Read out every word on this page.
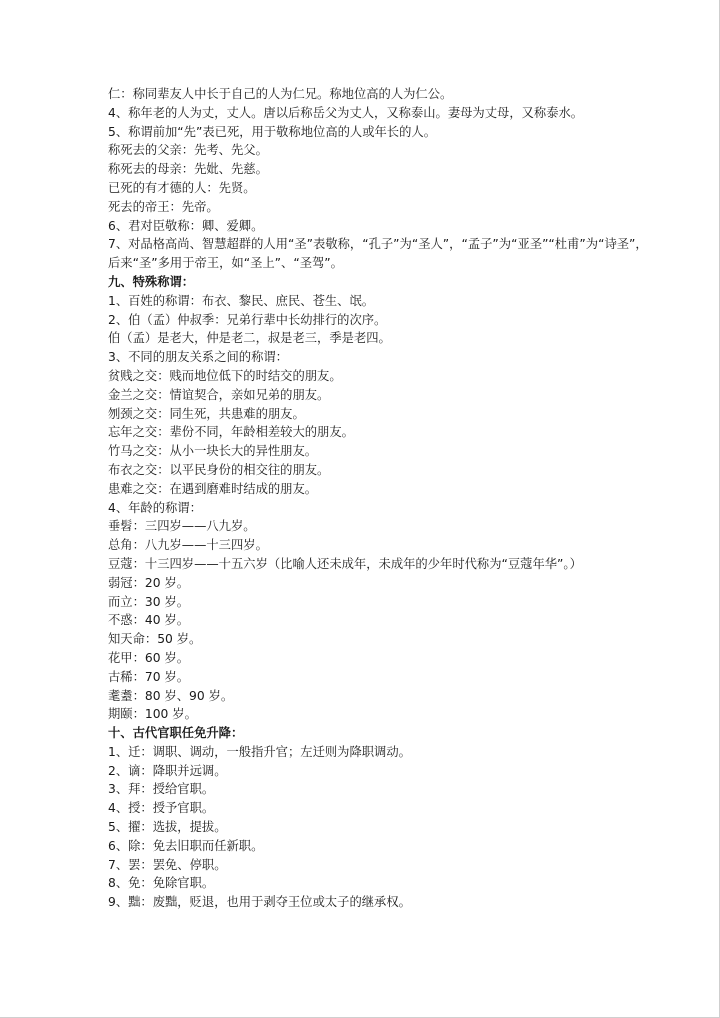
仁：称同辈友人中长于自己的人为仁兄。称地位高的人为仁公。
4、称年老的人为丈，丈人。唐以后称岳父为丈人，又称泰山。妻母为丈母，又称泰水。
5、称谓前加“先”表已死，用于敬称地位高的人或年长的人。
称死去的父亲：先考、先父。
称死去的母亲：先妣、先慈。
已死的有才德的人：先贤。
死去的帝王：先帝。
6、君对臣敬称：卿、爱卿。
7、对品格高尚、智慧超群的人用“圣”表敬称，“孔子”为“圣人”，“孟子”为“亚圣”“杜甫”为“诗圣”，
后来“圣”多用于帝王，如“圣上”、“圣驾”。
九、特殊称谓：
1、百姓的称谓：布衣、黎民、庶民、苍生、氓。
2、伯（孟）仲叔季：兄弟行辈中长幼排行的次序。
伯（孟）是老大，仲是老二，叔是老三，季是老四。
3、不同的朋友关系之间的称谓：
贫贱之交：贱而地位低下的时结交的朋友。
金兰之交：情谊契合，亲如兄弟的朋友。
刎颈之交：同生死，共患难的朋友。
忘年之交：辈份不同，年龄相差较大的朋友。
竹马之交：从小一块长大的异性朋友。
布衣之交：以平民身份的相交往的朋友。
患难之交：在遇到磨难时结成的朋友。
4、年龄的称谓：
垂髫：三四岁——八九岁。
总角：八九岁——十三四岁。
豆蔻：十三四岁——十五六岁（比喻人还未成年，未成年的少年时代称为“豆蔻年华”。）
弱冠：20 岁。
而立：30 岁。
不惑：40 岁。
知天命：50 岁。
花甲：60 岁。
古稀：70 岁。
耄耋：80 岁、90 岁。
期颐：100 岁。
十、古代官职任免升降：
1、迁：调职、调动，一般指升官；左迁则为降职调动。
2、谪：降职并远调。
3、拜：授给官职。
4、授：授予官职。
5、擢：选拔，提拔。
6、除：免去旧职而任新职。
7、罢：罢免、停职。
8、免：免除官职。
9、黜：废黜，贬退，也用于剥夺王位或太子的继承权。
